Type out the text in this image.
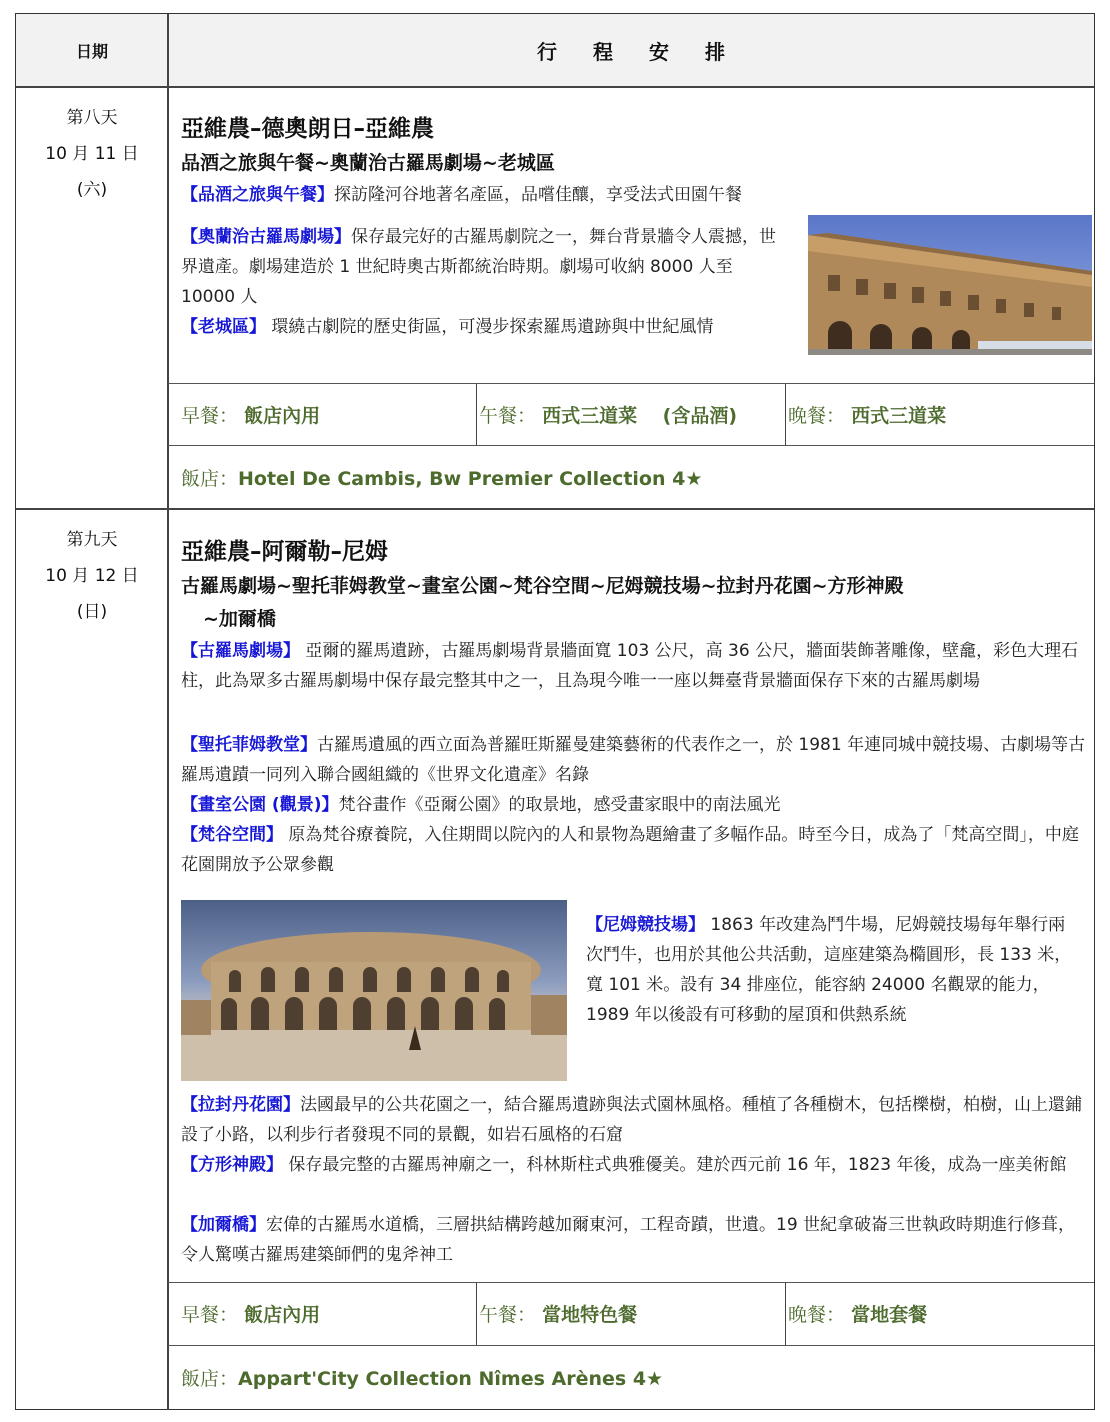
日期	行程安排
第八天
10 月 11 日
(六)
亞維農–德奧朗日–亞維農
品酒之旅與午餐~奧蘭治古羅馬劇場~老城區
【品酒之旅與午餐】探訪隆河谷地著名產區，品嚐佳釀，享受法式田園午餐
【奧蘭治古羅馬劇場】保存最完好的古羅馬劇院之一，舞台背景牆令人震撼，世界遺產。劇場建造於 1 世紀時奧古斯都統治時期。劇場可收納 8000 人至 10000 人
【老城區】 環繞古劇院的歷史街區，可漫步探索羅馬遺跡與中世紀風情
早餐： 飯店內用	午餐： 西式三道菜　 (含品酒)	晚餐： 西式三道菜
飯店：Hotel De Cambis, Bw Premier Collection 4★
第九天
10 月 12 日
(日)
亞維農–阿爾勒–尼姆
古羅馬劇場~聖托菲姆教堂~畫室公園~梵谷空間~尼姆競技場~拉封丹花園~方形神殿
~加爾橋
【古羅馬劇場】 亞爾的羅馬遺跡，古羅馬劇場背景牆面寬 103 公尺，高 36 公尺，牆面裝飾著雕像，壁龕，彩色大理石柱，此為眾多古羅馬劇場中保存最完整其中之一，且為現今唯一一座以舞臺背景牆面保存下來的古羅馬劇場
【聖托菲姆教堂】古羅馬遺風的西立面為普羅旺斯羅曼建築藝術的代表作之一，於 1981 年連同城中競技場、古劇場等古羅馬遺蹟一同列入聯合國組織的《世界文化遺產》名錄
【畫室公園 (觀景)】梵谷畫作《亞爾公園》的取景地，感受畫家眼中的南法風光
【梵谷空間】 原為梵谷療養院，入住期間以院內的人和景物為題繪畫了多幅作品。時至今日，成為了「梵高空間」，中庭花園開放予公眾參觀
【尼姆競技場】 1863 年改建為鬥牛場，尼姆競技場每年舉行兩次鬥牛，也用於其他公共活動，這座建築為橢圓形，長 133 米，寬 101 米。設有 34 排座位，能容納 24000 名觀眾的能力，1989 年以後設有可移動的屋頂和供熱系統
【拉封丹花園】法國最早的公共花園之一，結合羅馬遺跡與法式園林風格。種植了各種樹木，包括櫟樹，柏樹，山上還鋪設了小路，以利步行者發現不同的景觀，如岩石風格的石窟
【方形神殿】 保存最完整的古羅馬神廟之一，科林斯柱式典雅優美。建於西元前 16 年，1823 年後，成為一座美術館
【加爾橋】宏偉的古羅馬水道橋，三層拱結構跨越加爾東河，工程奇蹟，世遺。19 世紀拿破崙三世執政時期進行修葺，令人驚嘆古羅馬建築師們的鬼斧神工
早餐： 飯店內用	午餐： 當地特色餐	晚餐： 當地套餐
飯店：Appart'City Collection Nîmes Arènes 4★
